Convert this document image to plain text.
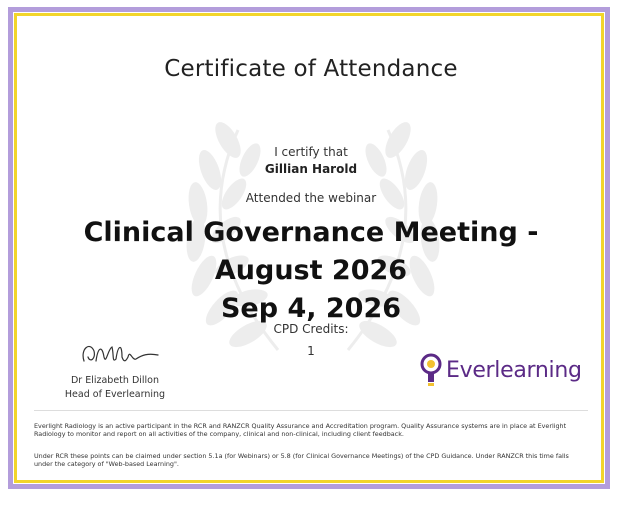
Certificate of Attendance
I certify that
Gillian Harold
Attended the webinar
Clinical Governance Meeting - August 2026
Sep 4, 2026
CPD Credits:
1
Dr Elizabeth Dillon
Head of Everlearning
Everlearning
Everlight Radiology is an active participant in the RCR and RANZCR Quality Assurance and Accreditation program. Quality Assurance systems are in place at Everlight Radiology to monitor and report on all activities of the company, clinical and non-clinical, including client feedback.
Under RCR these points can be claimed under section 5.1a (for Webinars) or 5.8 (for Clinical Governance Meetings) of the CPD Guidance. Under RANZCR this time falls under the category of "Web-based Learning".
